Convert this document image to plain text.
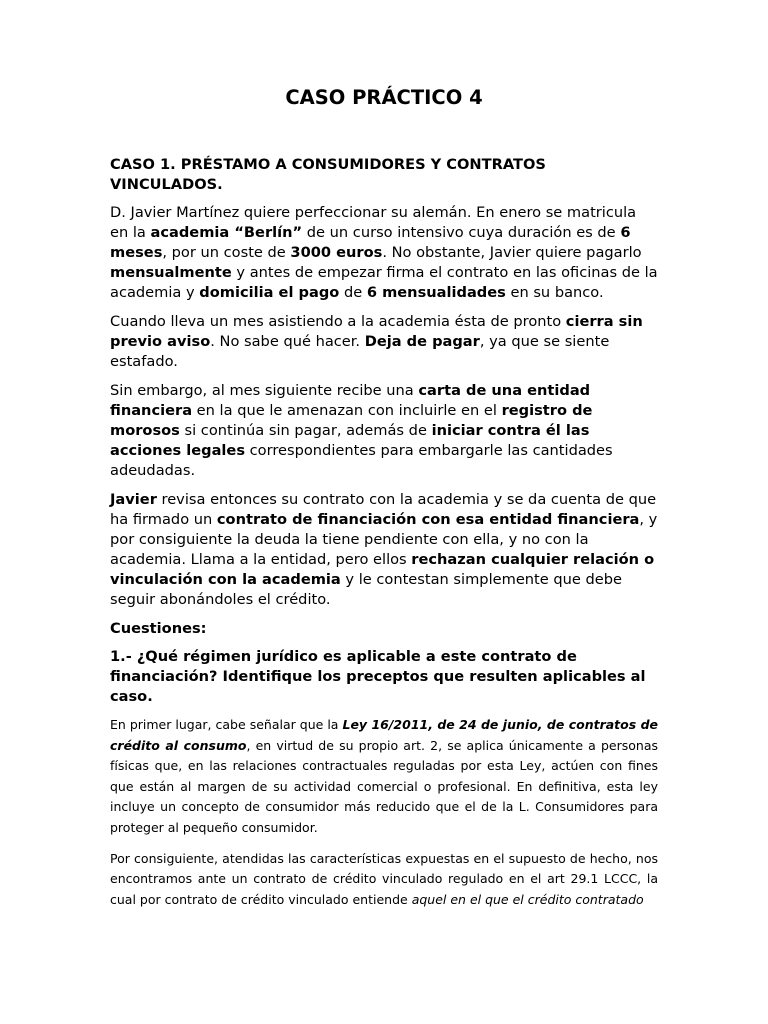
CASO PRÁCTICO 4

CASO 1. PRÉSTAMO A CONSUMIDORES Y CONTRATOS VINCULADOS.

D. Javier Martínez quiere perfeccionar su alemán. En enero se matricula en la academia “Berlín” de un curso intensivo cuya duración es de 6 meses, por un coste de 3000 euros. No obstante, Javier quiere pagarlo mensualmente y antes de empezar firma el contrato en las oficinas de la academia y domicilia el pago de 6 mensualidades en su banco.

Cuando lleva un mes asistiendo a la academia ésta de pronto cierra sin previo aviso. No sabe qué hacer. Deja de pagar, ya que se siente estafado.

Sin embargo, al mes siguiente recibe una carta de una entidad financiera en la que le amenazan con incluirle en el registro de morosos si continúa sin pagar, además de iniciar contra él las acciones legales correspondientes para embargarle las cantidades adeudadas.

Javier revisa entonces su contrato con la academia y se da cuenta de que ha firmado un contrato de financiación con esa entidad financiera, y por consiguiente la deuda la tiene pendiente con ella, y no con la academia. Llama a la entidad, pero ellos rechazan cualquier relación o vinculación con la academia y le contestan simplemente que debe seguir abonándoles el crédito.

Cuestiones:

1.- ¿Qué régimen jurídico es aplicable a este contrato de financiación? Identifique los preceptos que resulten aplicables al caso.

En primer lugar, cabe señalar que la Ley 16/2011, de 24 de junio, de contratos de crédito al consumo, en virtud de su propio art. 2, se aplica únicamente a personas físicas que, en las relaciones contractuales reguladas por esta Ley, actúen con fines que están al margen de su actividad comercial o profesional. En definitiva, esta ley incluye un concepto de consumidor más reducido que el de la L. Consumidores para proteger al pequeño consumidor.

Por consiguiente, atendidas las características expuestas en el supuesto de hecho, nos encontramos ante un contrato de crédito vinculado regulado en el art 29.1 LCCC, la cual por contrato de crédito vinculado entiende aquel en el que el crédito contratado
